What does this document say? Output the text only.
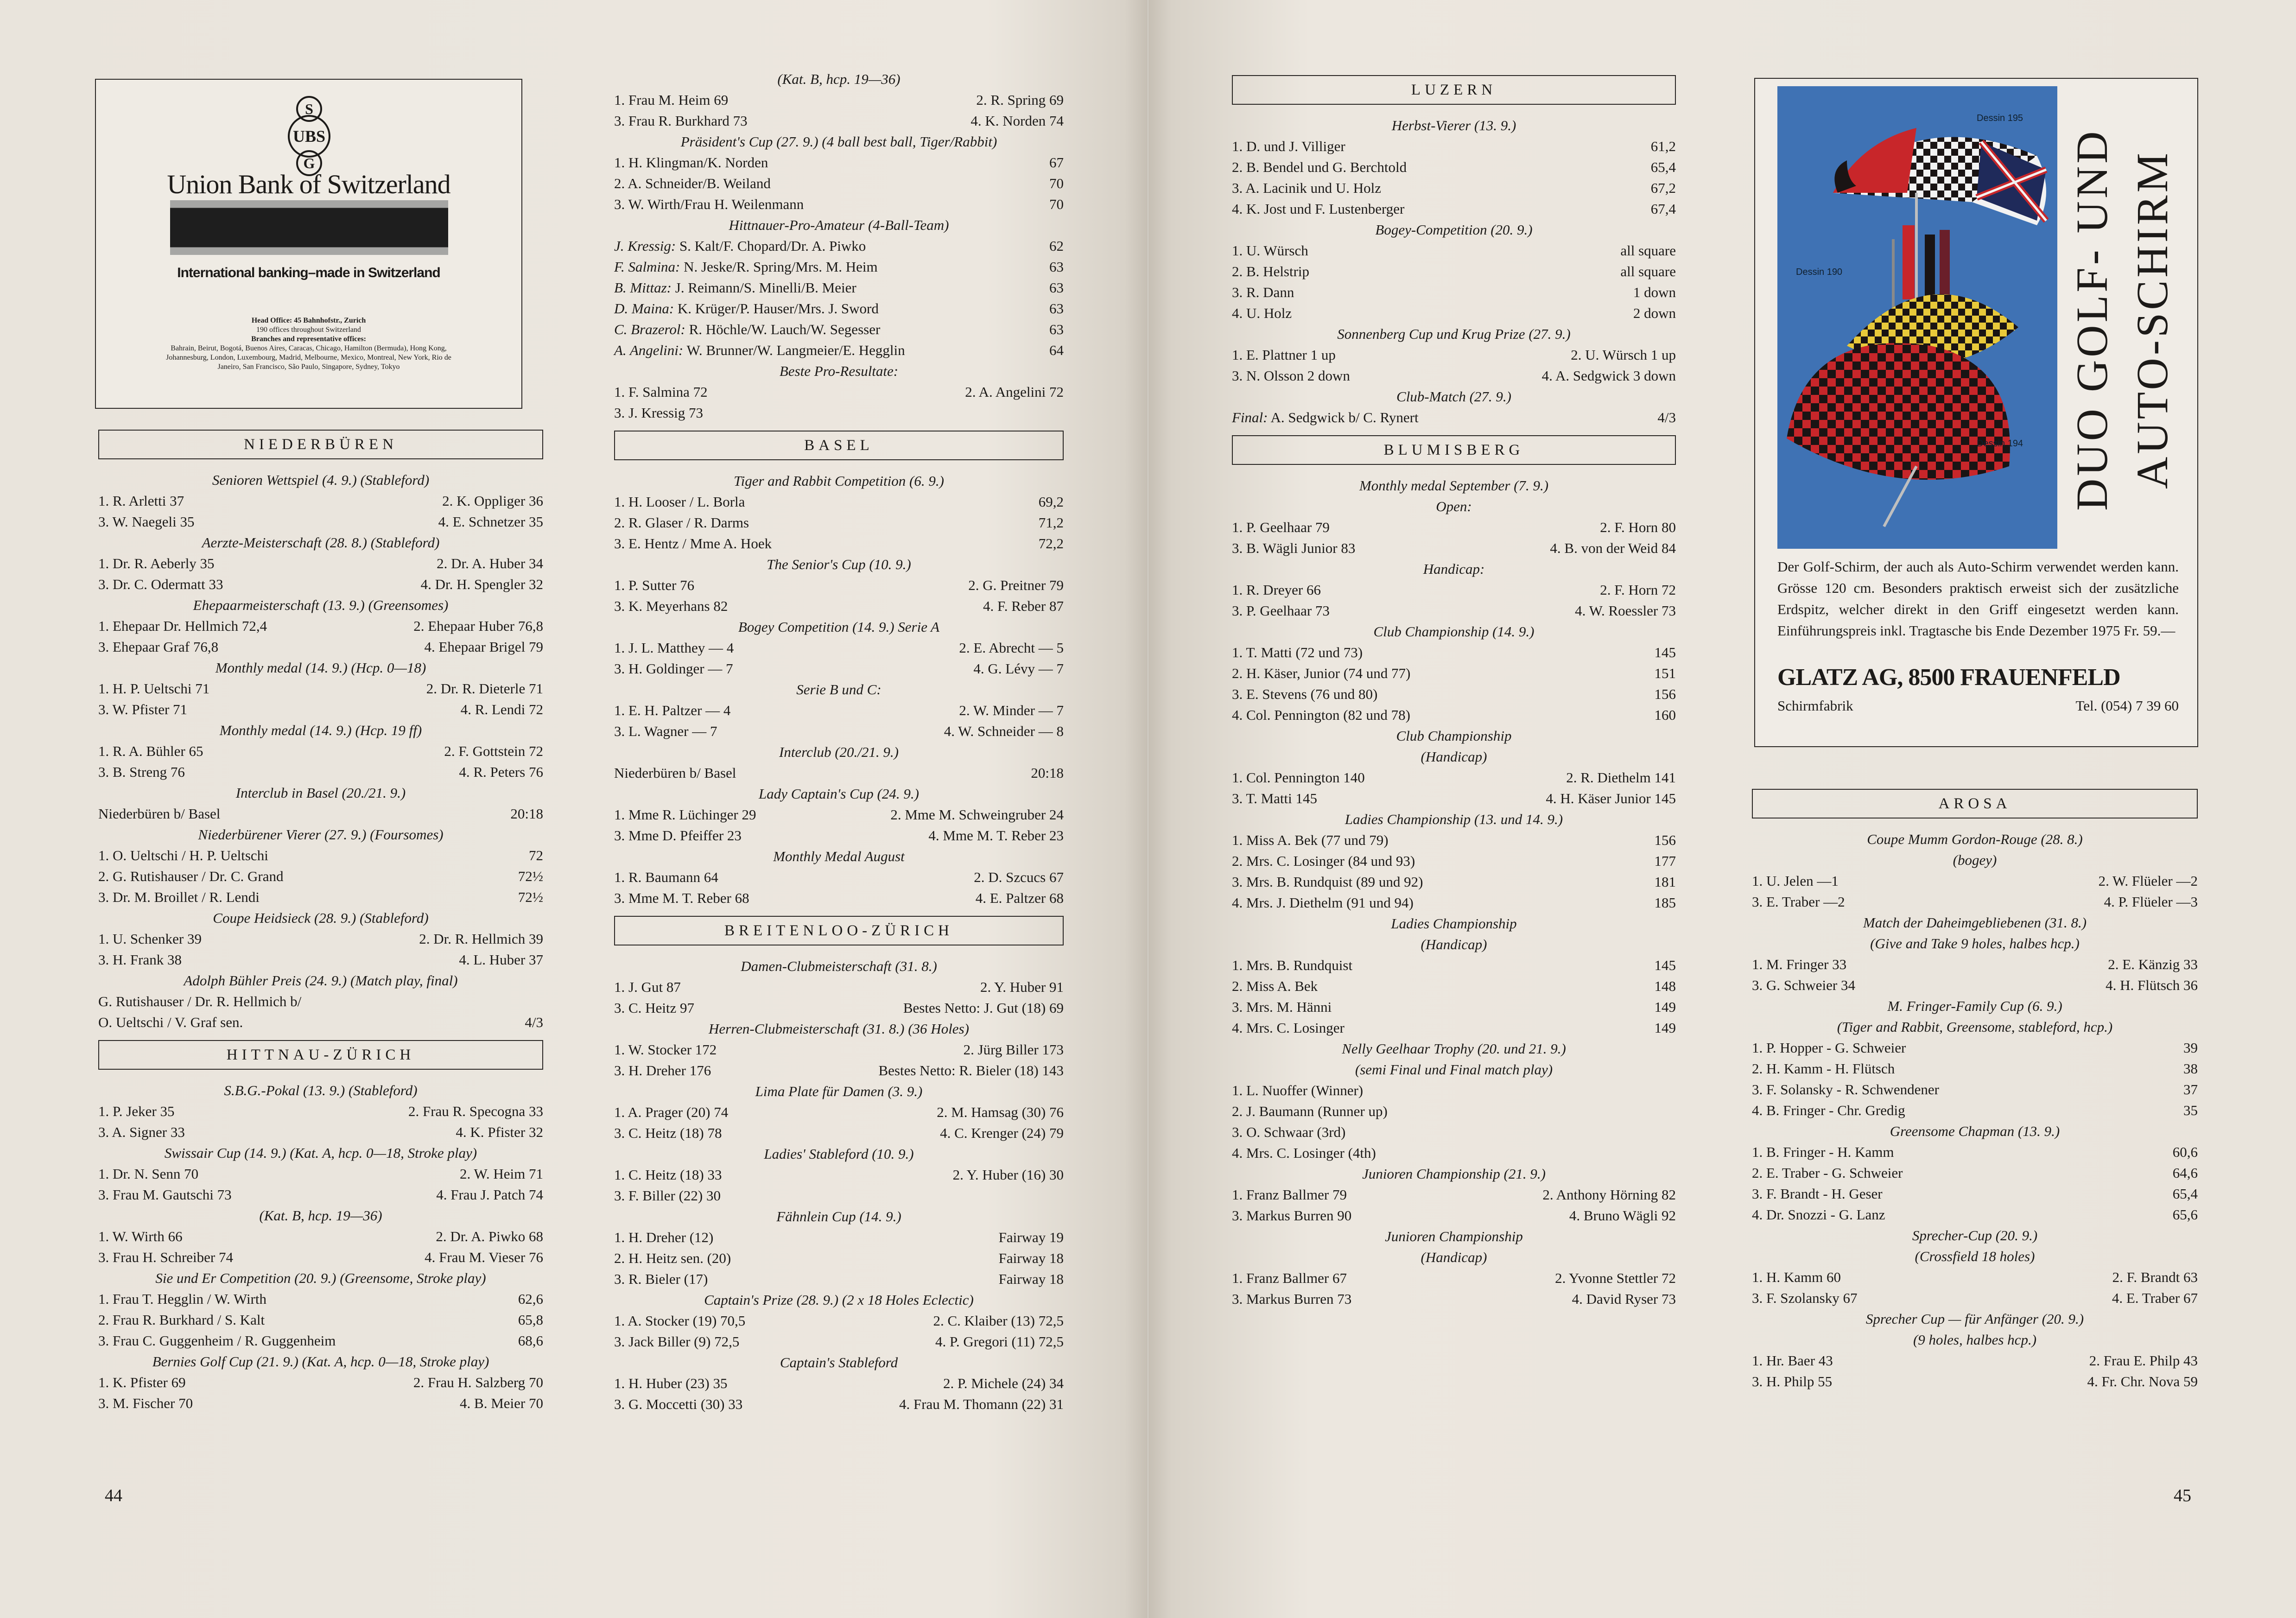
S
UBS
G
Union Bank of Switzerland
International banking–made in Switzerland
Head Office: 45 Bahnhofstr., Zurich
190 offices throughout Switzerland
Branches and representative offices:
Bahrain, Beirut, Bogotá, Buenos Aires, Caracas, Chicago, Hamilton (Bermuda), Hong Kong, Johannesburg, London, Luxembourg, Madrid, Melbourne, Mexico, Montreal, New York, Rio de Janeiro, San Francisco, São Paulo, Singapore, Sydney, Tokyo
NIEDERBÜREN
Senioren Wettspiel (4. 9.) (Stableford)
1. R. Arletti 37	2. K. Oppliger 36
3. W. Naegeli 35	4. E. Schnetzer 35
Aerzte-Meisterschaft (28. 8.) (Stableford)
1. Dr. R. Aeberly 35	2. Dr. A. Huber 34
3. Dr. C. Odermatt 33	4. Dr. H. Spengler 32
Ehepaarmeisterschaft (13. 9.) (Greensomes)
1. Ehepaar Dr. Hellmich 72,4	2. Ehepaar Huber 76,8
3. Ehepaar Graf 76,8	4. Ehepaar Brigel 79
Monthly medal (14. 9.) (Hcp. 0—18)
1. H. P. Ueltschi 71	2. Dr. R. Dieterle 71
3. W. Pfister 71	4. R. Lendi 72
Monthly medal (14. 9.) (Hcp. 19 ff)
1. R. A. Bühler 65	2. F. Gottstein 72
3. B. Streng 76	4. R. Peters 76
Interclub in Basel (20./21. 9.)
Niederbüren b/ Basel	20:18
Niederbürener Vierer (27. 9.) (Foursomes)
1. O. Ueltschi / H. P. Ueltschi	72
2. G. Rutishauser / Dr. C. Grand	72½
3. Dr. M. Broillet / R. Lendi	72½
Coupe Heidsieck (28. 9.) (Stableford)
1. U. Schenker 39	2. Dr. R. Hellmich 39
3. H. Frank 38	4. L. Huber 37
Adolph Bühler Preis (24. 9.) (Match play, final)
G. Rutishauser / Dr. R. Hellmich b/
O. Ueltschi / V. Graf sen.	4/3
HITTNAU-ZÜRICH
S.B.G.-Pokal (13. 9.) (Stableford)
1. P. Jeker 35	2. Frau R. Specogna 33
3. A. Signer 33	4. K. Pfister 32
Swissair Cup (14. 9.) (Kat. A, hcp. 0—18, Stroke play)
1. Dr. N. Senn 70	2. W. Heim 71
3. Frau M. Gautschi 73	4. Frau J. Patch 74
(Kat. B, hcp. 19—36)
1. W. Wirth 66	2. Dr. A. Piwko 68
3. Frau H. Schreiber 74	4. Frau M. Vieser 76
Sie und Er Competition (20. 9.) (Greensome, Stroke play)
1. Frau T. Hegglin / W. Wirth	62,6
2. Frau R. Burkhard / S. Kalt	65,8
3. Frau C. Guggenheim / R. Guggenheim	68,6
Bernies Golf Cup (21. 9.) (Kat. A, hcp. 0—18, Stroke play)
1. K. Pfister 69	2. Frau H. Salzberg 70
3. M. Fischer 70	4. B. Meier 70
(Kat. B, hcp. 19—36)
1. Frau M. Heim 69	2. R. Spring 69
3. Frau R. Burkhard 73	4. K. Norden 74
Präsident's Cup (27. 9.) (4 ball best ball, Tiger/Rabbit)
1. H. Klingman/K. Norden	67
2. A. Schneider/B. Weiland	70
3. W. Wirth/Frau H. Weilenmann	70
Hittnauer-Pro-Amateur (4-Ball-Team)
J. Kressig: S. Kalt/F. Chopard/Dr. A. Piwko	62
F. Salmina: N. Jeske/R. Spring/Mrs. M. Heim	63
B. Mittaz: J. Reimann/S. Minelli/B. Meier	63
D. Maina: K. Krüger/P. Hauser/Mrs. J. Sword	63
C. Brazerol: R. Höchle/W. Lauch/W. Segesser	63
A. Angelini: W. Brunner/W. Langmeier/E. Hegglin	64
Beste Pro-Resultate:
1. F. Salmina 72	2. A. Angelini 72
3. J. Kressig 73
BASEL
Tiger and Rabbit Competition (6. 9.)
1. H. Looser / L. Borla	69,2
2. R. Glaser / R. Darms	71,2
3. E. Hentz / Mme A. Hoek	72,2
The Senior's Cup (10. 9.)
1. P. Sutter 76	2. G. Preitner 79
3. K. Meyerhans 82	4. F. Reber 87
Bogey Competition (14. 9.) Serie A
1. J. L. Matthey — 4	2. E. Abrecht — 5
3. H. Goldinger — 7	4. G. Lévy — 7
Serie B und C:
1. E. H. Paltzer — 4	2. W. Minder — 7
3. L. Wagner — 7	4. W. Schneider — 8
Interclub (20./21. 9.)
Niederbüren b/ Basel	20:18
Lady Captain's Cup (24. 9.)
1. Mme R. Lüchinger 29	2. Mme M. Schweingruber 24
3. Mme D. Pfeiffer 23	4. Mme M. T. Reber 23
Monthly Medal August
1. R. Baumann 64	2. D. Szcucs 67
3. Mme M. T. Reber 68	4. E. Paltzer 68
BREITENLOO-ZÜRICH
Damen-Clubmeisterschaft (31. 8.)
1. J. Gut 87	2. Y. Huber 91
3. C. Heitz 97	Bestes Netto: J. Gut (18) 69
Herren-Clubmeisterschaft (31. 8.) (36 Holes)
1. W. Stocker 172	2. Jürg Biller 173
3. H. Dreher 176	Bestes Netto: R. Bieler (18) 143
Lima Plate für Damen (3. 9.)
1. A. Prager (20) 74	2. M. Hamsag (30) 76
3. C. Heitz (18) 78	4. C. Krenger (24) 79
Ladies' Stableford (10. 9.)
1. C. Heitz (18) 33	2. Y. Huber (16) 30
3. F. Biller (22) 30
Fähnlein Cup (14. 9.)
1. H. Dreher (12)	Fairway 19
2. H. Heitz sen. (20)	Fairway 18
3. R. Bieler (17)	Fairway 18
Captain's Prize (28. 9.) (2 x 18 Holes Eclectic)
1. A. Stocker (19) 70,5	2. C. Klaiber (13) 72,5
3. Jack Biller (9) 72,5	4. P. Gregori (11) 72,5
Captain's Stableford
1. H. Huber (23) 35	2. P. Michele (24) 34
3. G. Moccetti (30) 33	4. Frau M. Thomann (22) 31
44
LUZERN
Herbst-Vierer (13. 9.)
1. D. und J. Villiger	61,2
2. B. Bendel und G. Berchtold	65,4
3. A. Lacinik und U. Holz	67,2
4. K. Jost und F. Lustenberger	67,4
Bogey-Competition (20. 9.)
1. U. Würsch	all square
2. B. Helstrip	all square
3. R. Dann	1 down
4. U. Holz	2 down
Sonnenberg Cup und Krug Prize (27. 9.)
1. E. Plattner 1 up	2. U. Würsch 1 up
3. N. Olsson 2 down	4. A. Sedgwick 3 down
Club-Match (27. 9.)
Final: A. Sedgwick b/ C. Rynert	4/3
BLUMISBERG
Monthly medal September (7. 9.)
Open:
1. P. Geelhaar 79	2. F. Horn 80
3. B. Wägli Junior 83	4. B. von der Weid 84
Handicap:
1. R. Dreyer 66	2. F. Horn 72
3. P. Geelhaar 73	4. W. Roessler 73
Club Championship (14. 9.)
1. T. Matti (72 und 73)	145
2. H. Käser, Junior (74 und 77)	151
3. E. Stevens (76 und 80)	156
4. Col. Pennington (82 und 78)	160
Club Championship
(Handicap)
1. Col. Pennington 140	2. R. Diethelm 141
3. T. Matti 145	4. H. Käser Junior 145
Ladies Championship (13. und 14. 9.)
1. Miss A. Bek (77 und 79)	156
2. Mrs. C. Losinger (84 und 93)	177
3. Mrs. B. Rundquist (89 und 92)	181
4. Mrs. J. Diethelm (91 und 94)	185
Ladies Championship
(Handicap)
1. Mrs. B. Rundquist	145
2. Miss A. Bek	148
3. Mrs. M. Hänni	149
4. Mrs. C. Losinger	149
Nelly Geelhaar Trophy (20. und 21. 9.)
(semi Final und Final match play)
1. L. Nuoffer (Winner)
2. J. Baumann (Runner up)
3. O. Schwaar (3rd)
4. Mrs. C. Losinger (4th)
Junioren Championship (21. 9.)
1. Franz Ballmer 79	2. Anthony Hörning 82
3. Markus Burren 90	4. Bruno Wägli 92
Junioren Championship
(Handicap)
1. Franz Ballmer 67	2. Yvonne Stettler 72
3. Markus Burren 73	4. David Ryser 73
Dessin 195
Dessin 190
Dessin 194 DUO GOLF- UND AUTO-SCHIRM
Der Golf-Schirm, der auch als Auto-Schirm verwendet werden kann. Grösse 120 cm. Besonders praktisch erweist sich der zusätzliche Erdspitz, welcher direkt in den Griff eingesetzt werden kann. Einführungspreis inkl. Tragtasche bis Ende Dezember 1975 Fr. 59.—
GLATZ AG, 8500 FRAUENFELD
Schirmfabrik	Tel. (054) 7 39 60
AROSA
Coupe Mumm Gordon-Rouge (28. 8.)
(bogey)
1. U. Jelen —1	2. W. Flüeler —2
3. E. Traber —2	4. P. Flüeler —3
Match der Daheimgebliebenen (31. 8.)
(Give and Take 9 holes, halbes hcp.)
1. M. Fringer 33	2. E. Känzig 33
3. G. Schweier 34	4. H. Flütsch 36
M. Fringer-Family Cup (6. 9.)
(Tiger and Rabbit, Greensome, stableford, hcp.)
1. P. Hopper - G. Schweier	39
2. H. Kamm - H. Flütsch	38
3. F. Solansky - R. Schwendener	37
4. B. Fringer - Chr. Gredig	35
Greensome Chapman (13. 9.)
1. B. Fringer - H. Kamm	60,6
2. E. Traber - G. Schweier	64,6
3. F. Brandt - H. Geser	65,4
4. Dr. Snozzi - G. Lanz	65,6
Sprecher-Cup (20. 9.)
(Crossfield 18 holes)
1. H. Kamm 60	2. F. Brandt 63
3. F. Szolansky 67	4. E. Traber 67
Sprecher Cup — für Anfänger (20. 9.)
(9 holes, halbes hcp.)
1. Hr. Baer 43	2. Frau E. Philp 43
3. H. Philp 55	4. Fr. Chr. Nova 59
45
